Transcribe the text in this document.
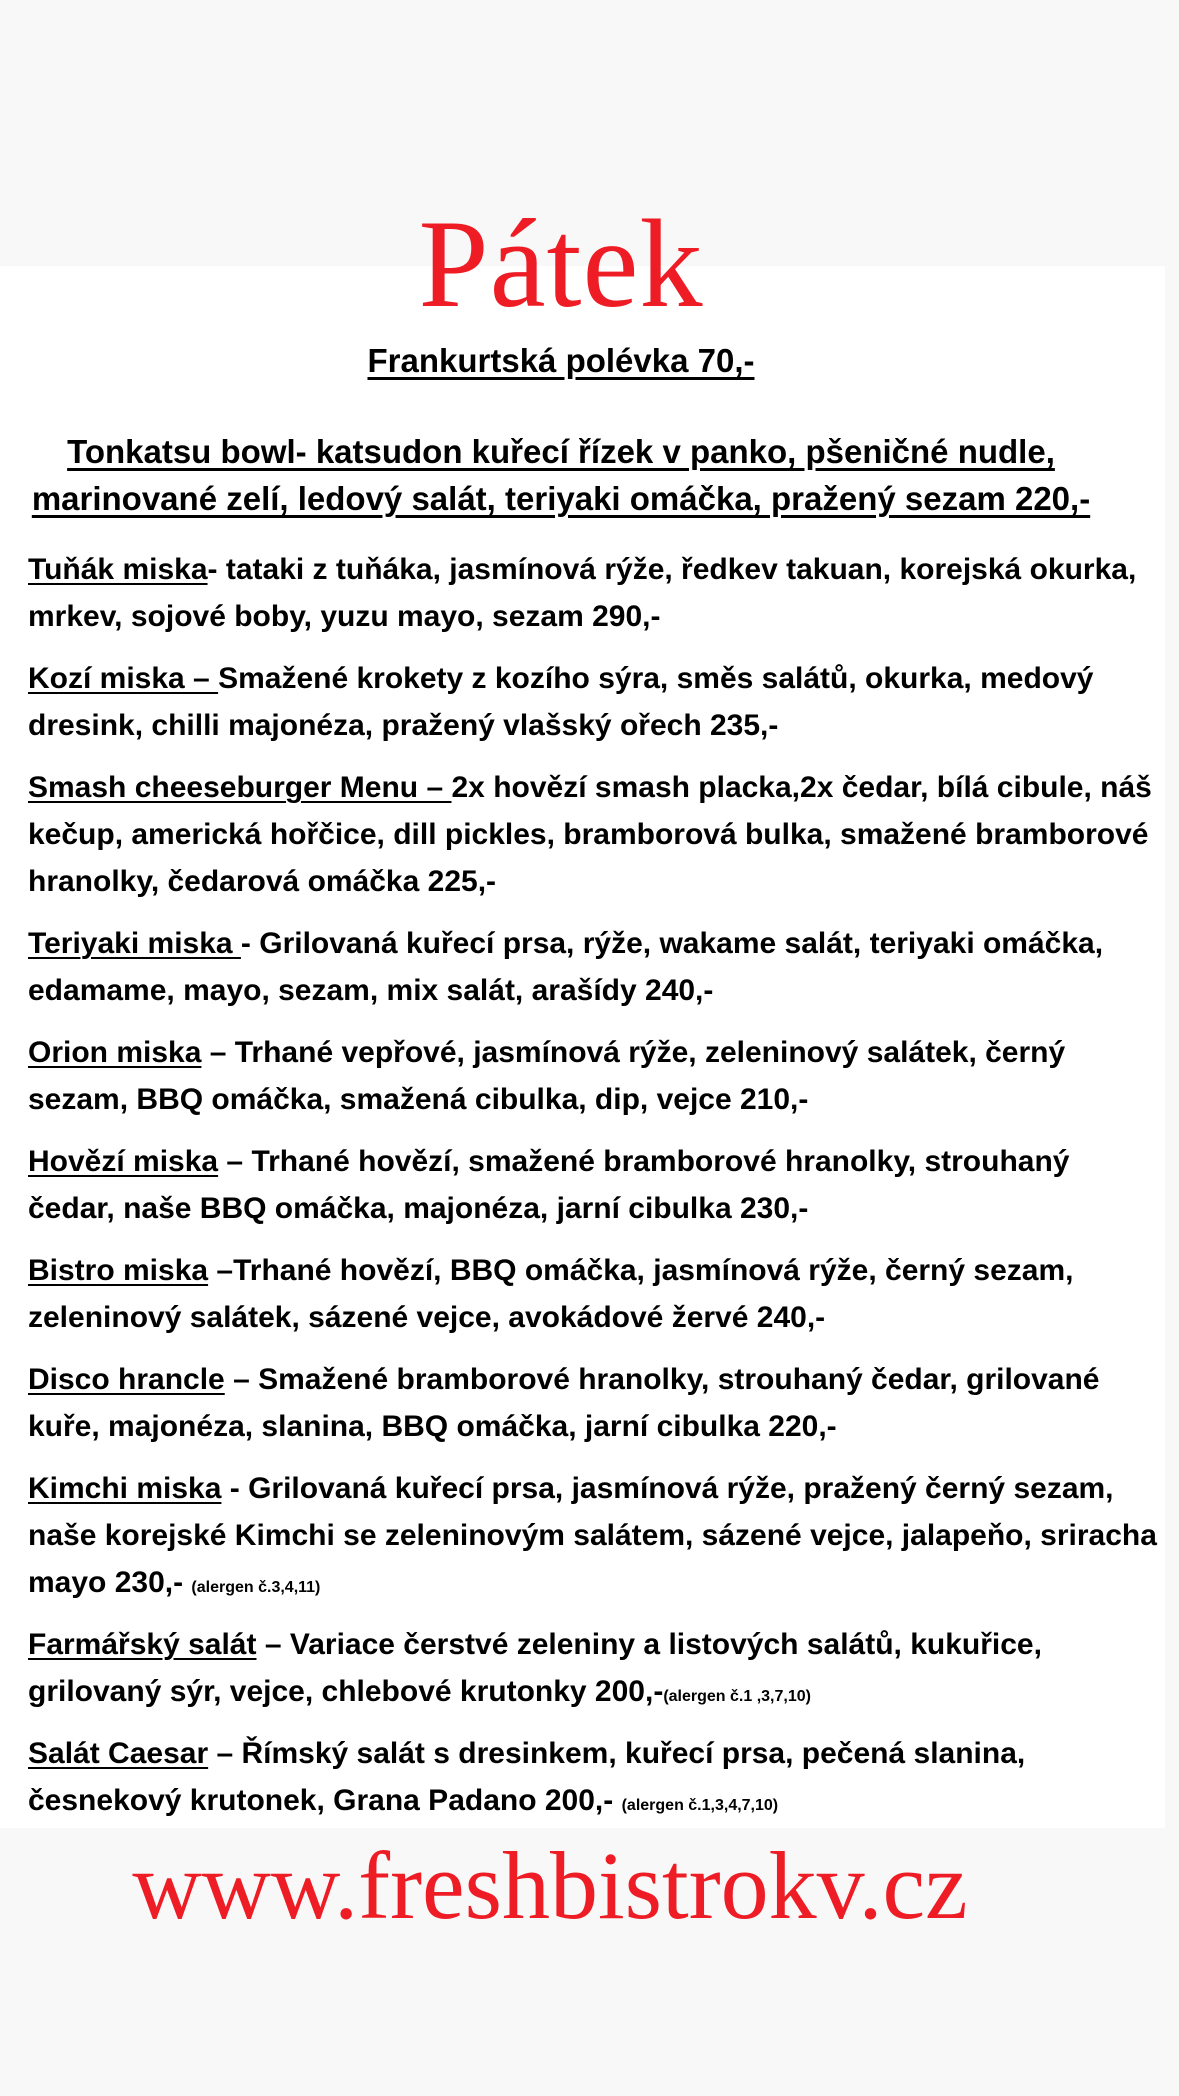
Pátek
Frankurtská polévka 70,-
Tonkatsu bowl- katsudon kuřecí řízek v panko, pšeničné nudle,
marinované zelí, ledový salát, teriyaki omáčka, pražený sezam 220,-
Tuňák miska- tataki z tuňáka, jasmínová rýže, ředkev takuan, korejská okurka, mrkev, sojové boby, yuzu mayo, sezam 290,-
Kozí miska – Smažené krokety z kozího sýra, směs salátů, okurka, medový dresink, chilli majonéza, pražený vlašský ořech 235,-
Smash cheeseburger Menu – 2x hovězí smash placka,2x čedar, bílá cibule, náš kečup, americká hořčice, dill pickles, bramborová bulka, smažené bramborové hranolky, čedarová omáčka 225,-
Teriyaki miska - Grilovaná kuřecí prsa, rýže, wakame salát, teriyaki omáčka, edamame, mayo, sezam, mix salát, arašídy 240,-
Orion miska – Trhané vepřové, jasmínová rýže, zeleninový salátek, černý sezam, BBQ omáčka, smažená cibulka, dip, vejce 210,-
Hovězí miska – Trhané hovězí, smažené bramborové hranolky, strouhaný čedar, naše BBQ omáčka, majonéza, jarní cibulka 230,-
Bistro miska –Trhané hovězí, BBQ omáčka, jasmínová rýže, černý sezam, zeleninový salátek, sázené vejce, avokádové žervé 240,-
Disco hrancle – Smažené bramborové hranolky, strouhaný čedar, grilované kuře, majonéza, slanina, BBQ omáčka, jarní cibulka 220,-
Kimchi miska - Grilovaná kuřecí prsa, jasmínová rýže, pražený černý sezam, naše korejské Kimchi se zeleninovým salátem, sázené vejce, jalapeňo, sriracha mayo 230,- (alergen č.3,4,11)
Farmářský salát – Variace čerstvé zeleniny a listových salátů, kukuřice, grilovaný sýr, vejce, chlebové krutonky 200,-(alergen č.1 ,3,7,10)
Salát Caesar – Římský salát s dresinkem, kuřecí prsa, pečená slanina, česnekový krutonek, Grana Padano 200,- (alergen č.1,3,4,7,10)
www.freshbistrokv.cz
